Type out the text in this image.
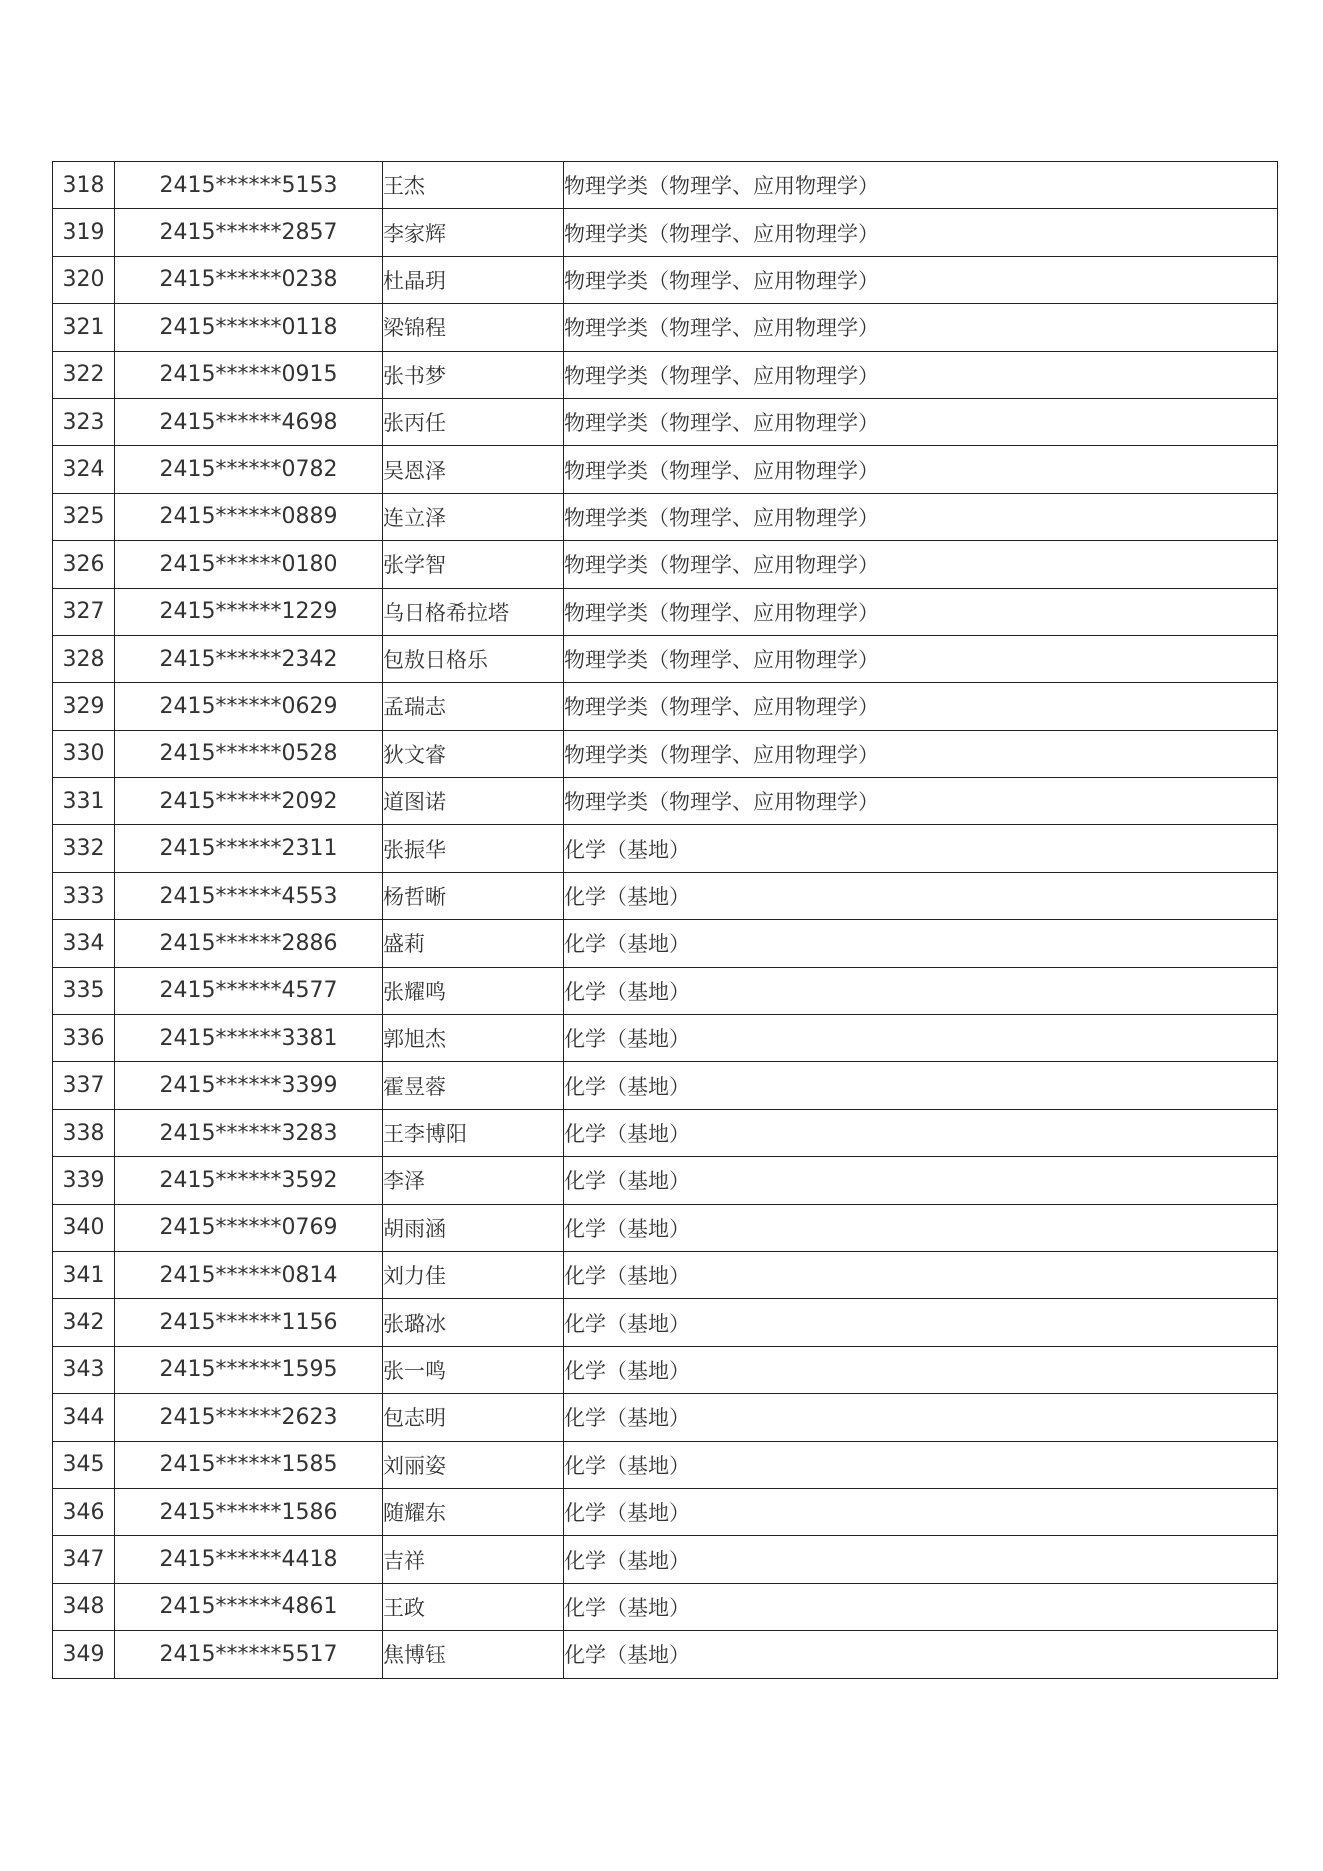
318	2415******5153	王杰	物理学类（物理学、应用物理学）
319	2415******2857	李家辉	物理学类（物理学、应用物理学）
320	2415******0238	杜晶玥	物理学类（物理学、应用物理学）
321	2415******0118	梁锦程	物理学类（物理学、应用物理学）
322	2415******0915	张书梦	物理学类（物理学、应用物理学）
323	2415******4698	张丙任	物理学类（物理学、应用物理学）
324	2415******0782	吴恩泽	物理学类（物理学、应用物理学）
325	2415******0889	连立泽	物理学类（物理学、应用物理学）
326	2415******0180	张学智	物理学类（物理学、应用物理学）
327	2415******1229	乌日格希拉塔	物理学类（物理学、应用物理学）
328	2415******2342	包敖日格乐	物理学类（物理学、应用物理学）
329	2415******0629	孟瑞志	物理学类（物理学、应用物理学）
330	2415******0528	狄文睿	物理学类（物理学、应用物理学）
331	2415******2092	道图诺	物理学类（物理学、应用物理学）
332	2415******2311	张振华	化学（基地）
333	2415******4553	杨哲晰	化学（基地）
334	2415******2886	盛莉	化学（基地）
335	2415******4577	张耀鸣	化学（基地）
336	2415******3381	郭旭杰	化学（基地）
337	2415******3399	霍昱蓉	化学（基地）
338	2415******3283	王李博阳	化学（基地）
339	2415******3592	李泽	化学（基地）
340	2415******0769	胡雨涵	化学（基地）
341	2415******0814	刘力佳	化学（基地）
342	2415******1156	张璐冰	化学（基地）
343	2415******1595	张一鸣	化学（基地）
344	2415******2623	包志明	化学（基地）
345	2415******1585	刘丽姿	化学（基地）
346	2415******1586	随耀东	化学（基地）
347	2415******4418	吉祥	化学（基地）
348	2415******4861	王政	化学（基地）
349	2415******5517	焦博钰	化学（基地）
